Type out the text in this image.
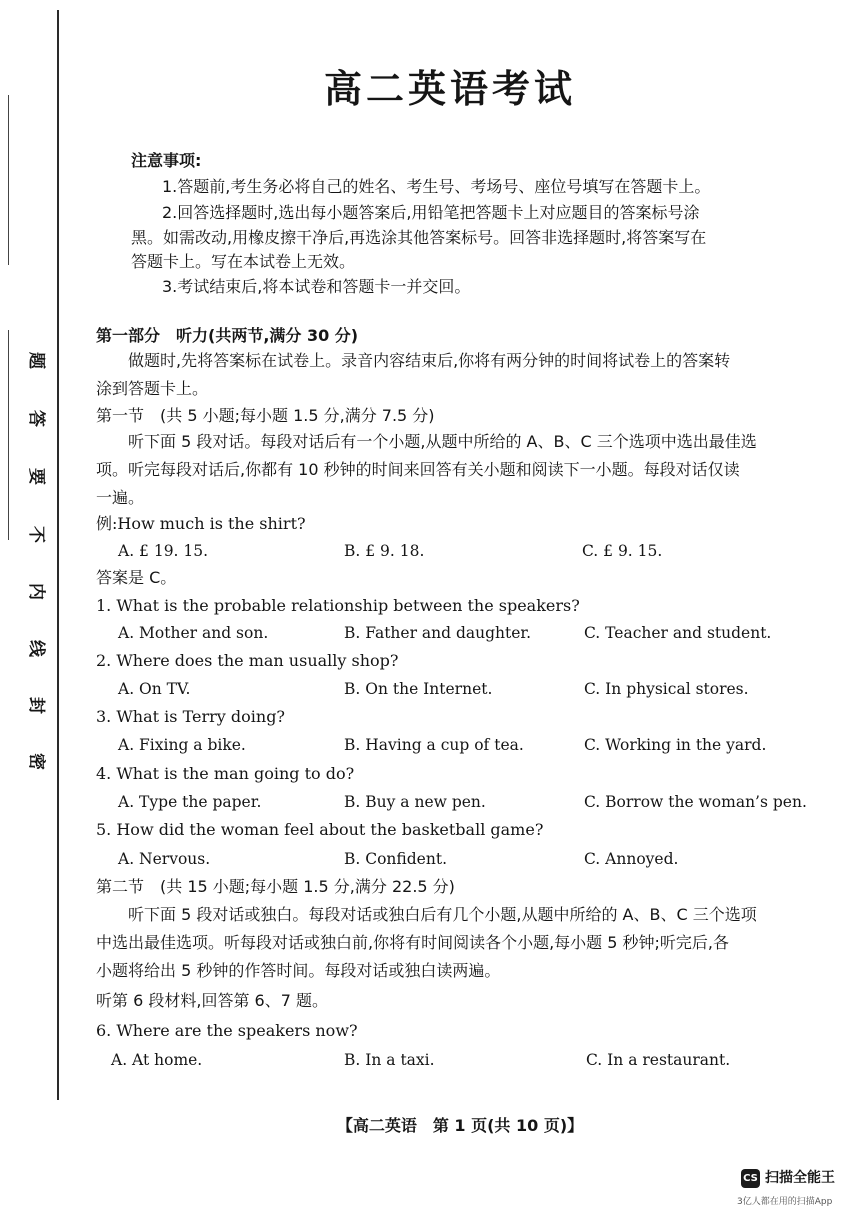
题
答
要
不
内
线
封
密
高二英语考试
注意事项:
1.答题前,考生务必将自己的姓名、考生号、考场号、座位号填写在答题卡上。
2.回答选择题时,选出每小题答案后,用铅笔把答题卡上对应题目的答案标号涂
黑。如需改动,用橡皮擦干净后,再选涂其他答案标号。回答非选择题时,将答案写在
答题卡上。写在本试卷上无效。
3.考试结束后,将本试卷和答题卡一并交回。
第一部分　听力(共两节,满分 30 分)
做题时,先将答案标在试卷上。录音内容结束后,你将有两分钟的时间将试卷上的答案转
涂到答题卡上。
第一节　(共 5 小题;每小题 1.5 分,满分 7.5 分)
听下面 5 段对话。每段对话后有一个小题,从题中所给的 A、B、C 三个选项中选出最佳选
项。听完每段对话后,你都有 10 秒钟的时间来回答有关小题和阅读下一小题。每段对话仅读
一遍。
例:How much is the shirt?
A. £ 19. 15.	B. £ 9. 18.	C. £ 9. 15.
答案是 C。
1. What is the probable relationship between the speakers?
A. Mother and son.	B. Father and daughter.	C. Teacher and student.
2. Where does the man usually shop?
A. On TV.	B. On the Internet.	C. In physical stores.
3. What is Terry doing?
A. Fixing a bike.	B. Having a cup of tea.	C. Working in the yard.
4. What is the man going to do?
A. Type the paper.	B. Buy a new pen.	C. Borrow the woman’s pen.
5. How did the woman feel about the basketball game?
A. Nervous.	B. Confident.	C. Annoyed.
第二节　(共 15 小题;每小题 1.5 分,满分 22.5 分)
听下面 5 段对话或独白。每段对话或独白后有几个小题,从题中所给的 A、B、C 三个选项
中选出最佳选项。听每段对话或独白前,你将有时间阅读各个小题,每小题 5 秒钟;听完后,各
小题将给出 5 秒钟的作答时间。每段对话或独白读两遍。
听第 6 段材料,回答第 6、7 题。
6. Where are the speakers now?
A. At home.	B. In a taxi.	C. In a restaurant.
【高二英语　第 1 页(共 10 页)】
CS 扫描全能王
3亿人都在用的扫描App
